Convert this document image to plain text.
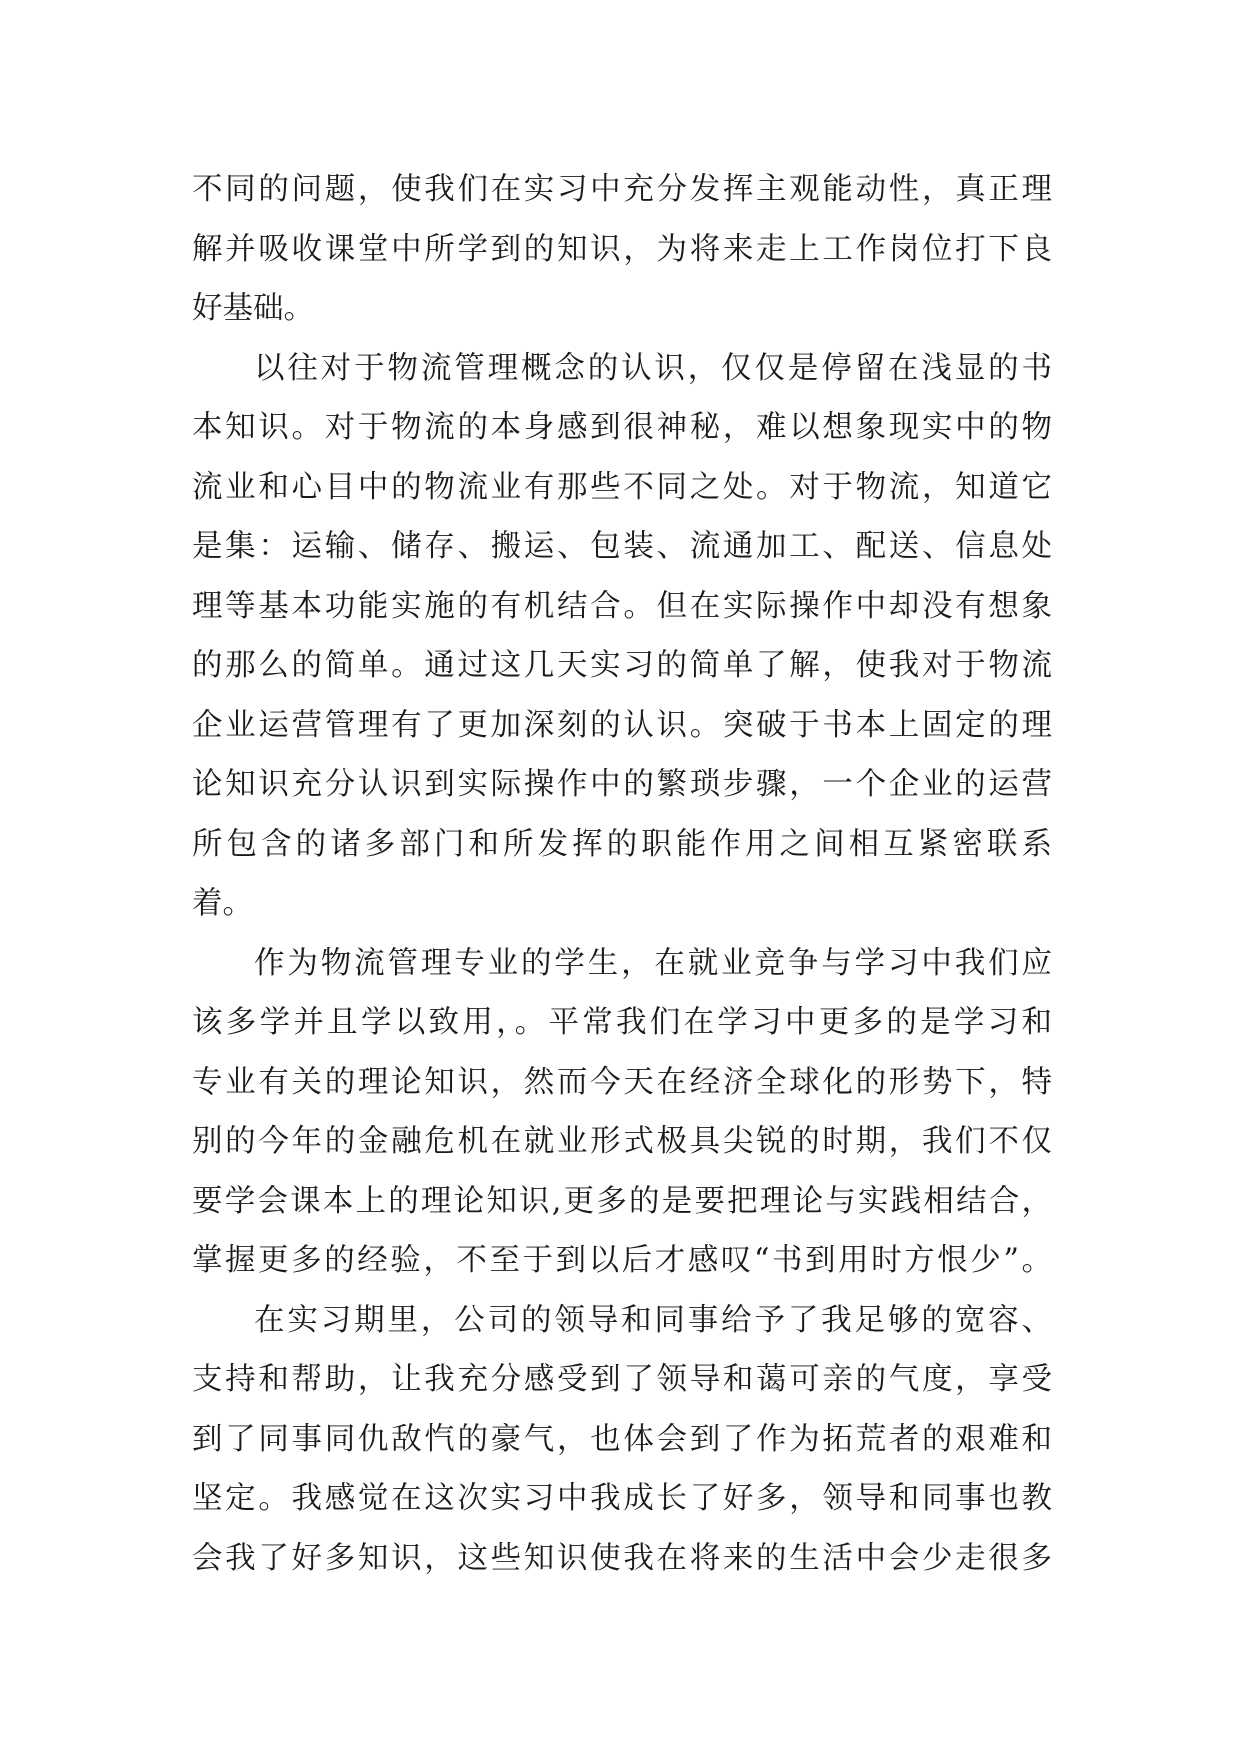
不同的问题，使我们在实习中充分发挥主观能动性，真正理
解并吸收课堂中所学到的知识，为将来走上工作岗位打下良
好基础。
以往对于物流管理概念的认识，仅仅是停留在浅显的书
本知识。对于物流的本身感到很神秘，难以想象现实中的物
流业和心目中的物流业有那些不同之处。对于物流，知道它
是集：运输、储存、搬运、包装、流通加工、配送、信息处
理等基本功能实施的有机结合。但在实际操作中却没有想象
的那么的简单。通过这几天实习的简单了解，使我对于物流
企业运营管理有了更加深刻的认识。突破于书本上固定的理
论知识充分认识到实际操作中的繁琐步骤，一个企业的运营
所包含的诸多部门和所发挥的职能作用之间相互紧密联系
着。
作为物流管理专业的学生，在就业竞争与学习中我们应
该多学并且学以致用，。平常我们在学习中更多的是学习和
专业有关的理论知识，然而今天在经济全球化的形势下，特
别的今年的金融危机在就业形式极具尖锐的时期，我们不仅
要学会课本上的理论知识,更多的是要把理论与实践相结合，
掌握更多的经验，不至于到以后才感叹“书到用时方恨少”。
在实习期里，公司的领导和同事给予了我足够的宽容、
支持和帮助，让我充分感受到了领导和蔼可亲的气度，享受
到了同事同仇敌忾的豪气，也体会到了作为拓荒者的艰难和
坚定。我感觉在这次实习中我成长了好多，领导和同事也教
会我了好多知识，这些知识使我在将来的生活中会少走很多
